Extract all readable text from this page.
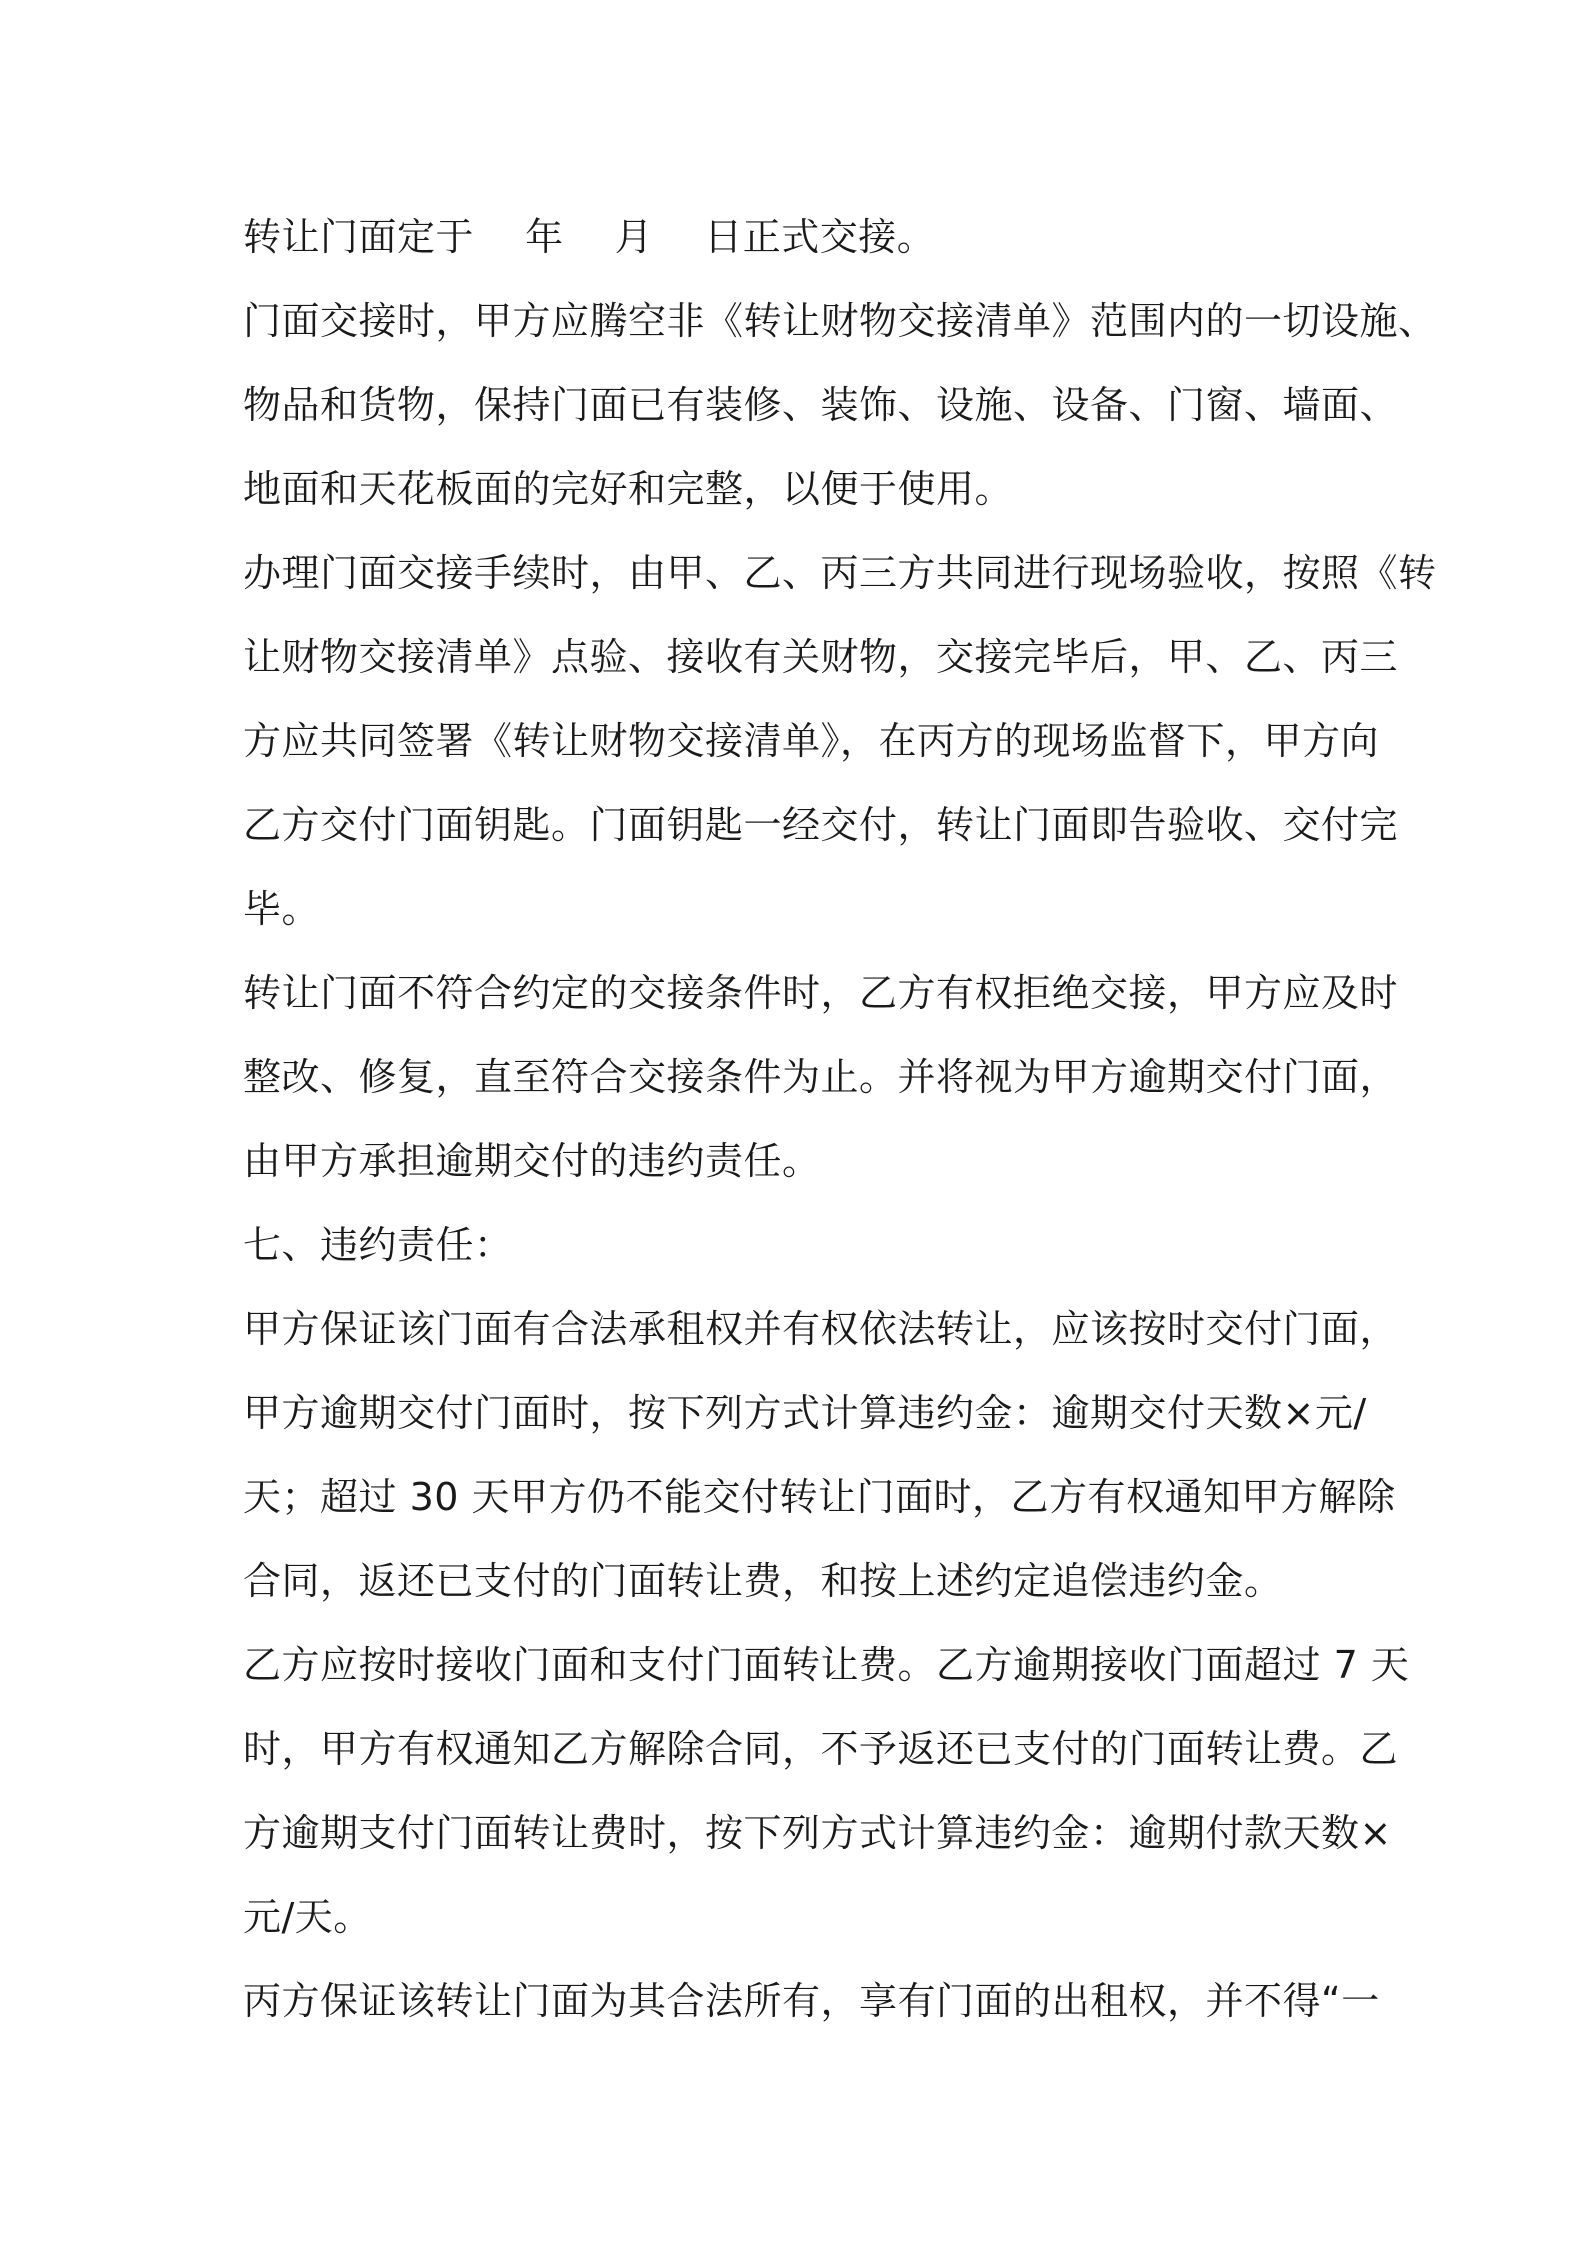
转让门面定于　 年　 月　 日正式交接。
门面交接时，甲方应腾空非《转让财物交接清单》范围内的一切设施、
物品和货物，保持门面已有装修、装饰、设施、设备、门窗、墙面、
地面和天花板面的完好和完整，以便于使用。
办理门面交接手续时，由甲、乙、丙三方共同进行现场验收，按照《转
让财物交接清单》点验、接收有关财物，交接完毕后，甲、乙、丙三
方应共同签署《转让财物交接清单》，在丙方的现场监督下，甲方向
乙方交付门面钥匙。门面钥匙一经交付，转让门面即告验收、交付完
毕。
转让门面不符合约定的交接条件时，乙方有权拒绝交接，甲方应及时
整改、修复，直至符合交接条件为止。并将视为甲方逾期交付门面，
由甲方承担逾期交付的违约责任。
七、违约责任：
甲方保证该门面有合法承租权并有权依法转让，应该按时交付门面，
甲方逾期交付门面时，按下列方式计算违约金：逾期交付天数×元/
天；超过 30 天甲方仍不能交付转让门面时，乙方有权通知甲方解除
合同，返还已支付的门面转让费，和按上述约定追偿违约金。
乙方应按时接收门面和支付门面转让费。乙方逾期接收门面超过 7 天
时，甲方有权通知乙方解除合同，不予返还已支付的门面转让费。乙
方逾期支付门面转让费时，按下列方式计算违约金：逾期付款天数×
元/天。
丙方保证该转让门面为其合法所有，享有门面的出租权，并不得“一
